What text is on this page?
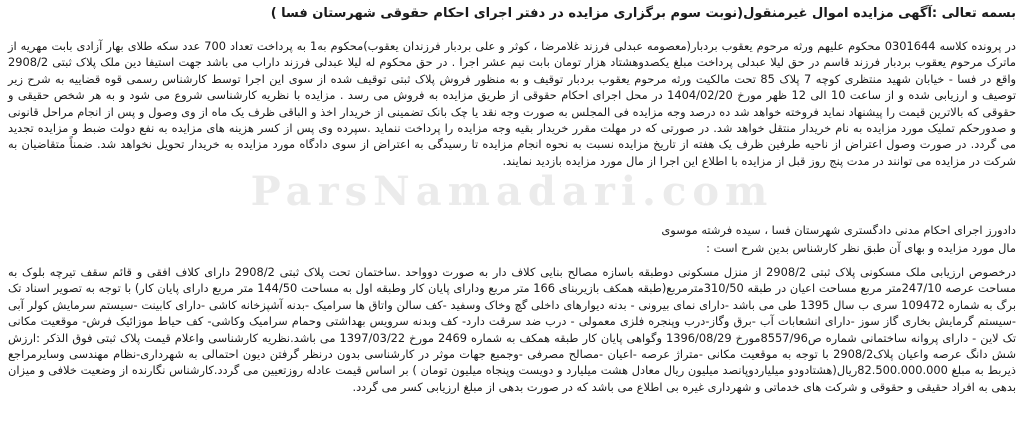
بسمه تعالی :آگهی مزایده اموال غیرمنقول(نوبت سوم برگزاری مزایده در دفتر اجرای احکام حقوقی شهرستان فسا )

در پرونده کلاسه 0301644 محکوم علیهم ورثه مرحوم یعقوب بردبار(معصومه عبدلی فرزند غلامرضا ، کوثر و علی بردبار فرزندان یعقوب)محکوم به1 به پرداخت تعداد 700 عدد سکه طلای بهار آزادی بابت مهریه از ماترک مرحوم یعقوب بردبار فرزند قاسم در حق لیلا عبدلی پرداخت مبلغ یکصدوهشتاد هزار تومان بابت نیم عشر اجرا . در حق محکوم له لیلا عبدلی فرزند داراب می باشد جهت استیفا دین ملک پلاک ثبتی 2908/2 واقع در فسا - خیابان شهید منتظری کوچه 7 پلاک 85 تحت مالکیت ورثه مرحوم یعقوب بردبار توقیف و به منظور فروش پلاک ثبتی توقیف شده از سوی این اجرا توسط کارشناس رسمی قوه قضاییه به شرح زیر توصیف و ارزیابی شده و از ساعت 10 الی 12 ظهر مورخ 1404/02/20 در محل اجرای احکام حقوقی از طریق مزایده به فروش می رسد . مزایده با نظریه کارشناسی شروع می شود و به هر شخص حقیقی و حقوقی که بالاترین قیمت را پیشنهاد نماید فروخته خواهد شد ده درصد وجه مزایده فی المجلس به صورت وجه نقد یا چک بانک تضمینی از خریدار اخذ و الباقی ظرف یک ماه از وی وصول و پس از انجام مراحل قانونی و صدورحکم تملیک مورد مزایده به نام خریدار منتقل خواهد شد. در صورتی که در مهلت مقرر خریدار بقیه وجه مزایده را پرداخت ننماید .سپرده وی پس از کسر هزینه های مزایده به نفع دولت ضبط و مزایده تجدید می گردد. در صورت وصول اعتراض از ناحیه طرفین ظرف یک هفته از تاریخ مزایده نسبت به نحوه انجام مزایده تا رسیدگی به اعتراض از سوی دادگاه مورد مزایده به خریدار تحویل نخواهد شد. ضمناً متقاضیان به شرکت در مزایده می توانند در مدت پنج روز قبل از مزایده با اطلاع این اجرا از مال مورد مزایده بازدید نمایند.

دادورز اجرای احکام مدنی دادگستری شهرستان فسا ، سیده فرشته موسوی

مال مورد مزایده و بهای آن طبق نظر کارشناس بدین شرح است :

درخصوص ارزیابی ملک مسکونی پلاک ثبتی 2908/2 از منزل مسکونی دوطبقه باسازه مصالح بنایی کلاف دار به صورت دوواحد .ساختمان تحت پلاک ثبتی 2908/2 دارای کلاف افقی و قائم سقف تیرچه بلوک به مساحت عرصه 247/10متر مربع مساحت اعیان در طبقه 310/50مترمربع(طبقه همکف بازیربنای 166 متر مربع ودارای پایان کار وطبقه اول به مساحت 144/50 متر مربع دارای پایان کار) با توجه به تصویر اسناد تک برگ به شماره 109472 سری ب سال 1395 طی می باشد -دارای نمای بیرونی - بدنه دیوارهای داخلی گچ وخاک وسفید -کف سالن واتاق ها سرامیک -بدنه آشپزخانه کاشی -دارای کابینت -سیستم سرمایش کولر آبی -سیستم گرمایش بخاری گاز سوز -دارای انشعابات آب -برق وگاز-درب وپنجره فلزی معمولی - درب ضد سرقت دارد- کف وبدنه سرویس بهداشتی وحمام سرامیک وکاشی- کف حیاط موزائیک فرش- موقعیت مکانی تک لاین - دارای پروانه ساختمانی شماره ص8557/96مورخ 1396/08/29 وگواهی پایان کار طبقه همکف به شماره 2469 مورخ 1397/03/22 می باشد.نظریه کارشناسی واعلام قیمت پلاک ثبتی فوق الذکر :ارزش شش دانگ عرصه واعیان پلاک2908/2 با توجه به موقعیت مکانی -متراژ عرصه -اعیان -مصالح مصرفی -وجمیع جهات موثر در کارشناسی بدون درنظر گرفتن دیون احتمالی به شهرداری-نظام مهندسی وسایرمراجع ذیربط به مبلغ 82.500.000.000ریال(هشتادودو میلیاردوپانصد میلیون ریال معادل هشت میلیارد و دویست وپنجاه میلیون تومان ) بر اساس قیمت عادله روزتعیین می گردد.کارشناس نگارنده از وضعیت خلافی و میزان بدهی به افراد حقیقی و حقوقی و شرکت های خدماتی و شهرداری غیره بی اطلاع می باشد که در صورت بدهی از مبلغ ارزیابی کسر می گردد.

ParsNamadari.com
